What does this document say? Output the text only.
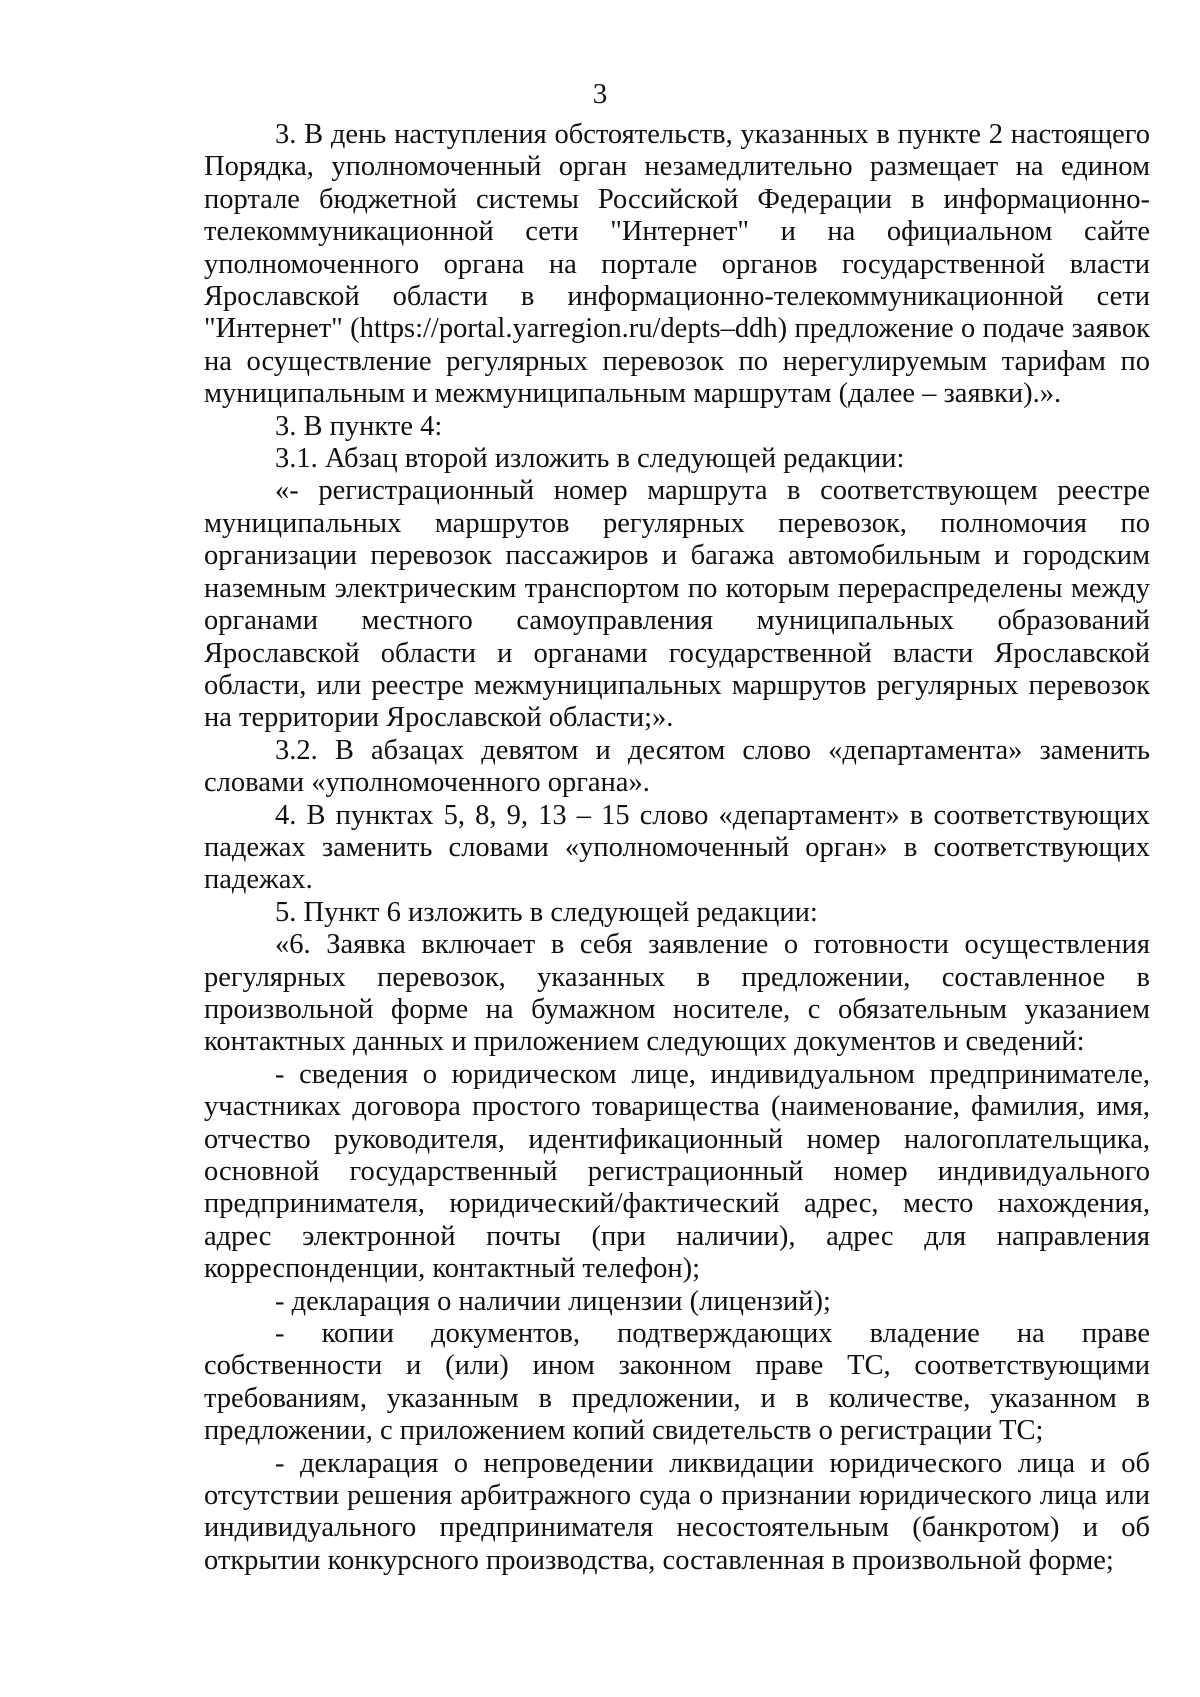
3

3. В день наступления обстоятельств, указанных в пункте 2 настоящего Порядка, уполномоченный орган незамедлительно размещает на едином портале бюджетной системы Российской Федерации в информационно-телекоммуникационной сети "Интернет" и на официальном сайте уполномоченного органа на портале органов государственной власти Ярославской области в информационно-телекоммуникационной сети "Интернет" (https://portal.yarregion.ru/depts–ddh) предложение о подаче заявок на осуществление регулярных перевозок по нерегулируемым тарифам по муниципальным и межмуниципальным маршрутам (далее – заявки).».

3. В пункте 4:

3.1. Абзац второй изложить в следующей редакции:

«- регистрационный номер маршрута в соответствующем реестре муниципальных маршрутов регулярных перевозок, полномочия по организации перевозок пассажиров и багажа автомобильным и городским наземным электрическим транспортом по которым перераспределены между органами местного самоуправления муниципальных образований Ярославской области и органами государственной власти Ярославской области, или реестре межмуниципальных маршрутов регулярных перевозок на территории Ярославской области;».

3.2. В абзацах девятом и десятом слово «департамента» заменить словами «уполномоченного органа».

4. В пунктах 5, 8, 9, 13 – 15 слово «департамент» в соответствующих падежах заменить словами «уполномоченный орган» в соответствующих падежах.

5. Пункт 6 изложить в следующей редакции:

«6. Заявка включает в себя заявление о готовности осуществления регулярных перевозок, указанных в предложении, составленное в произвольной форме на бумажном носителе, с обязательным указанием контактных данных и приложением следующих документов и сведений:

- сведения о юридическом лице, индивидуальном предпринимателе, участниках договора простого товарищества (наименование, фамилия, имя, отчество руководителя, идентификационный номер налогоплательщика, основной государственный регистрационный номер индивидуального предпринимателя, юридический/фактический адрес, место нахождения, адрес электронной почты (при наличии), адрес для направления корреспонденции, контактный телефон);

- декларация о наличии лицензии (лицензий);

- копии документов, подтверждающих владение на праве собственности и (или) ином законном праве ТС, соответствующими требованиям, указанным в предложении, и в количестве, указанном в предложении, с приложением копий свидетельств о регистрации ТС;

- декларация о непроведении ликвидации юридического лица и об отсутствии решения арбитражного суда о признании юридического лица или индивидуального предпринимателя несостоятельным (банкротом) и об открытии конкурсного производства, составленная в произвольной форме;
